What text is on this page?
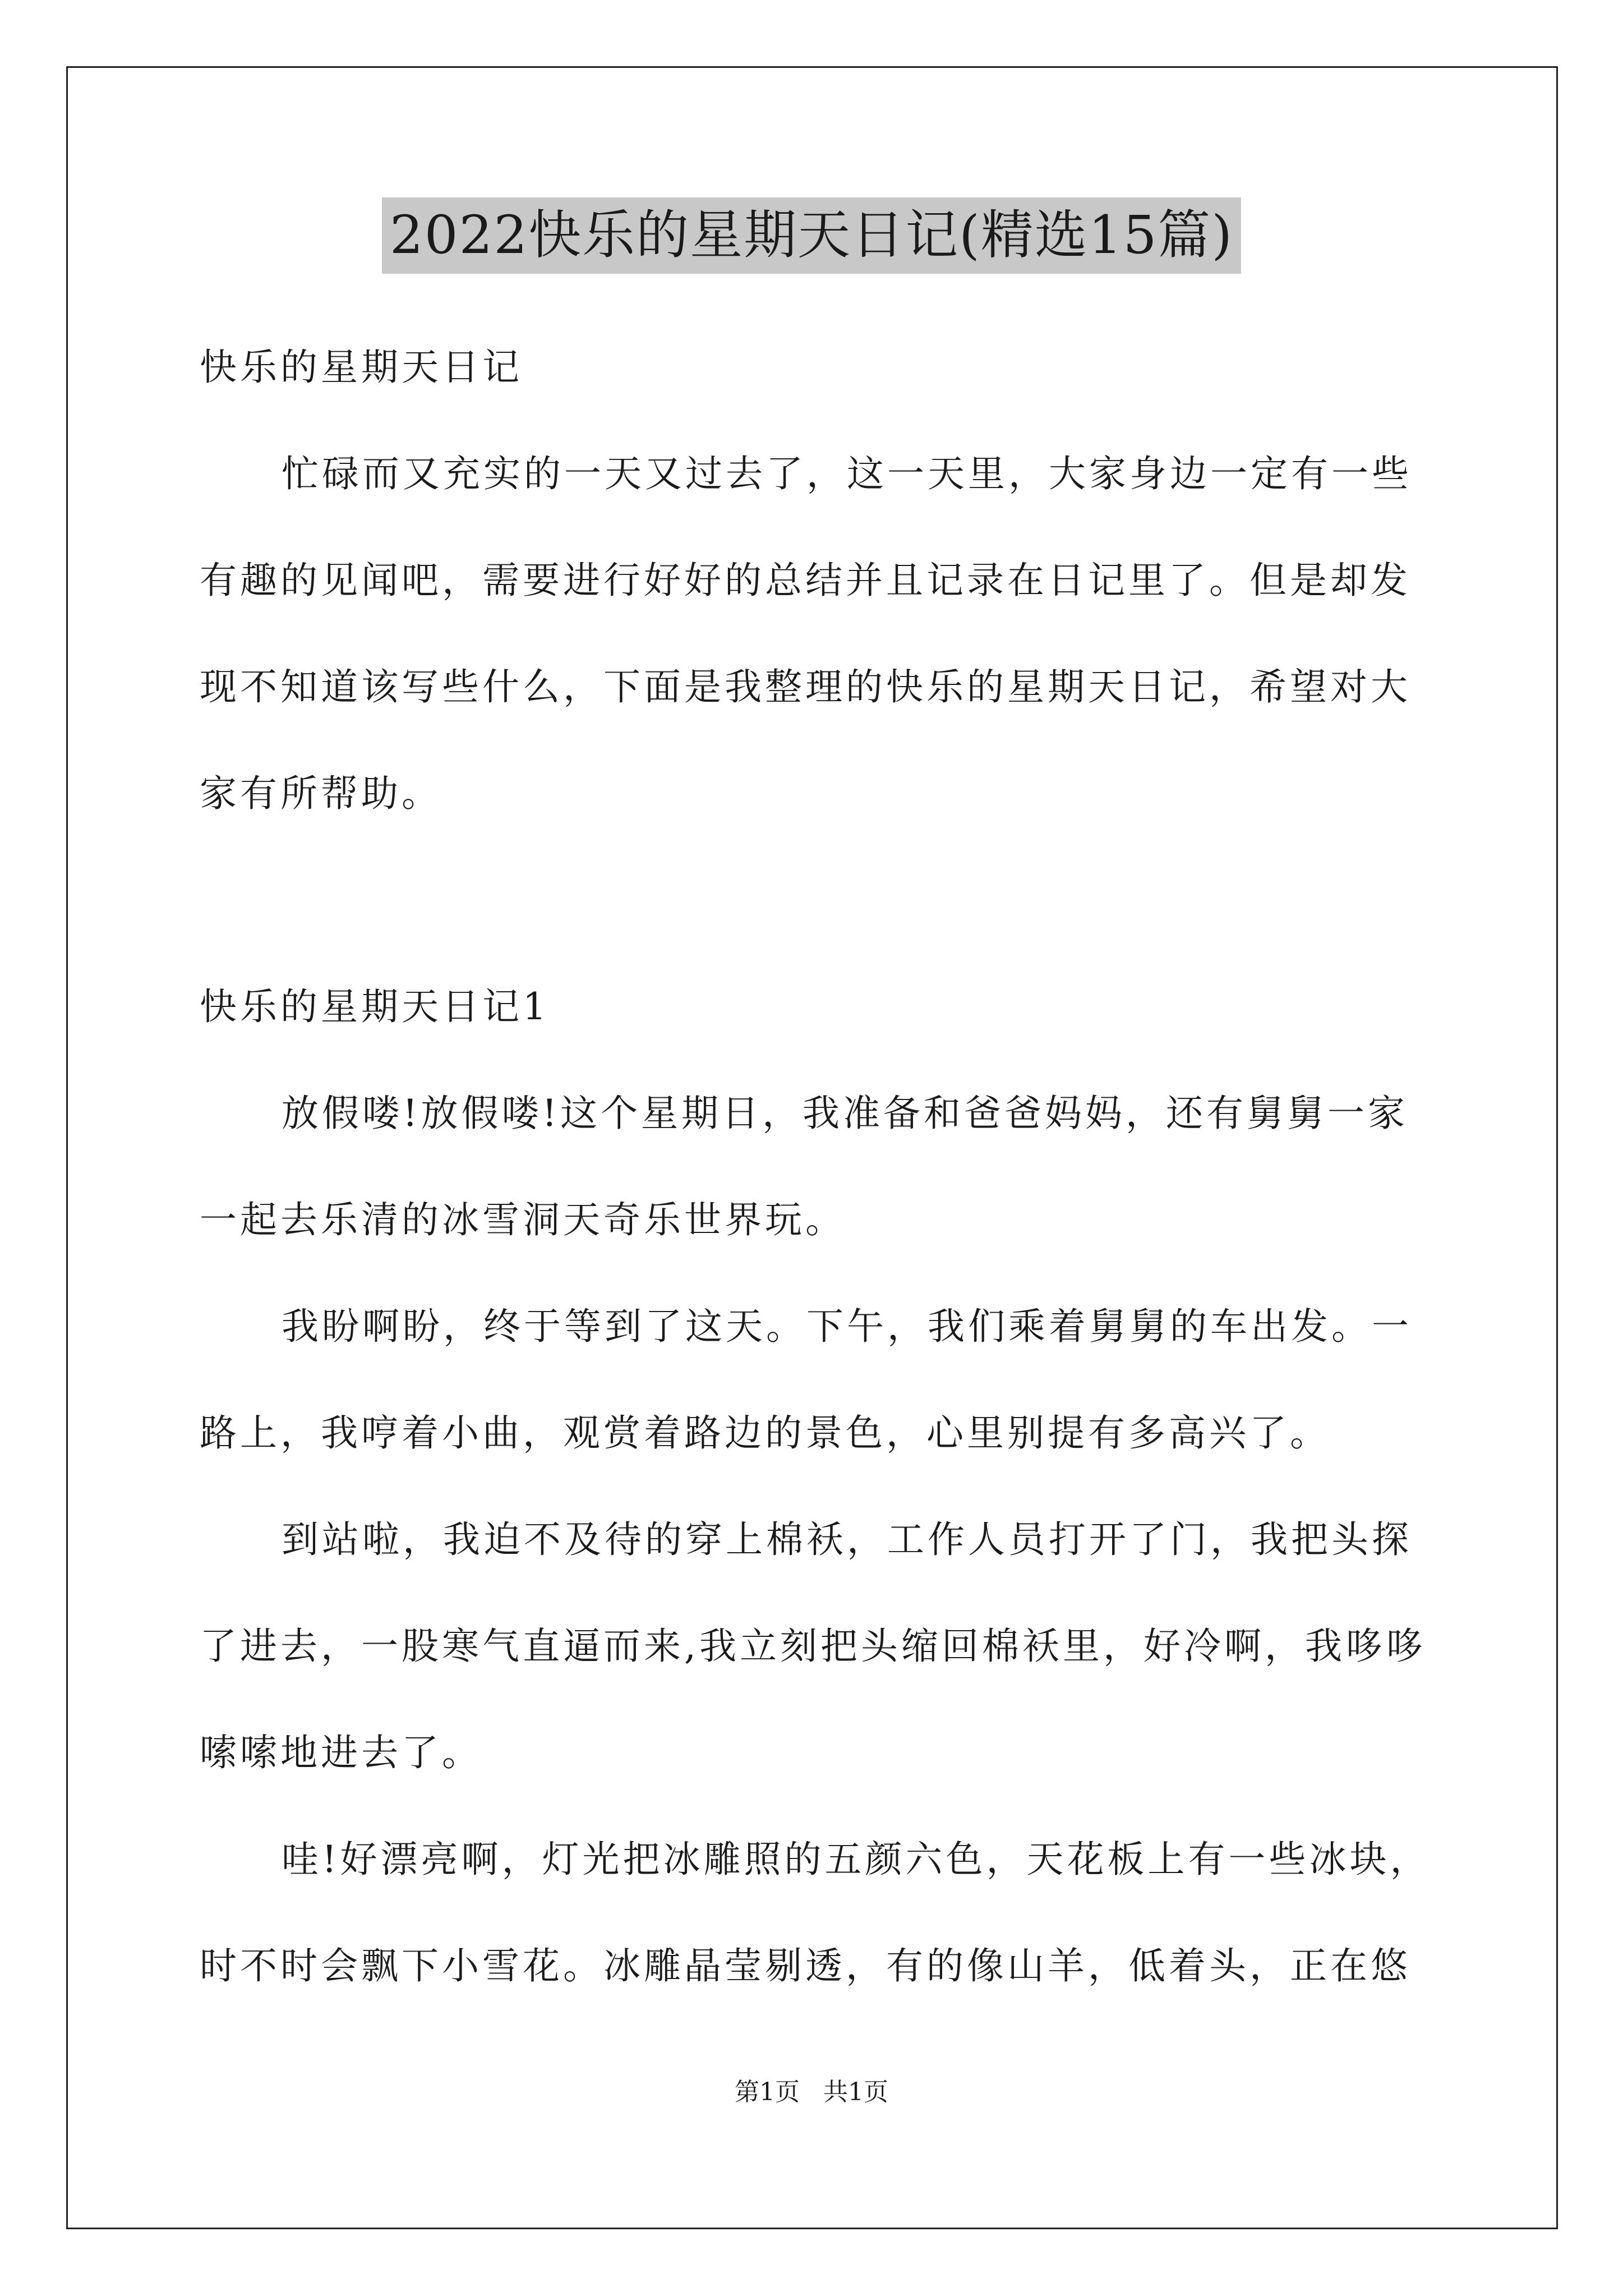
2022快乐的星期天日记(精选15篇)
快乐的星期天日记
忙碌而又充实的一天又过去了，这一天里，大家身边一定有一些
有趣的见闻吧，需要进行好好的总结并且记录在日记里了。但是却发
现不知道该写些什么，下面是我整理的快乐的星期天日记，希望对大
家有所帮助。
快乐的星期天日记1
放假喽!放假喽!这个星期日，我准备和爸爸妈妈，还有舅舅一家
一起去乐清的冰雪洞天奇乐世界玩。
我盼啊盼，终于等到了这天。下午，我们乘着舅舅的车出发。一
路上，我哼着小曲，观赏着路边的景色，心里别提有多高兴了。
到站啦，我迫不及待的穿上棉袄，工作人员打开了门，我把头探
了进去，一股寒气直逼而来,我立刻把头缩回棉袄里，好冷啊，我哆哆
嗦嗦地进去了。
哇!好漂亮啊，灯光把冰雕照的五颜六色，天花板上有一些冰块，
时不时会飘下小雪花。冰雕晶莹剔透，有的像山羊，低着头，正在悠
第1页   共1页
